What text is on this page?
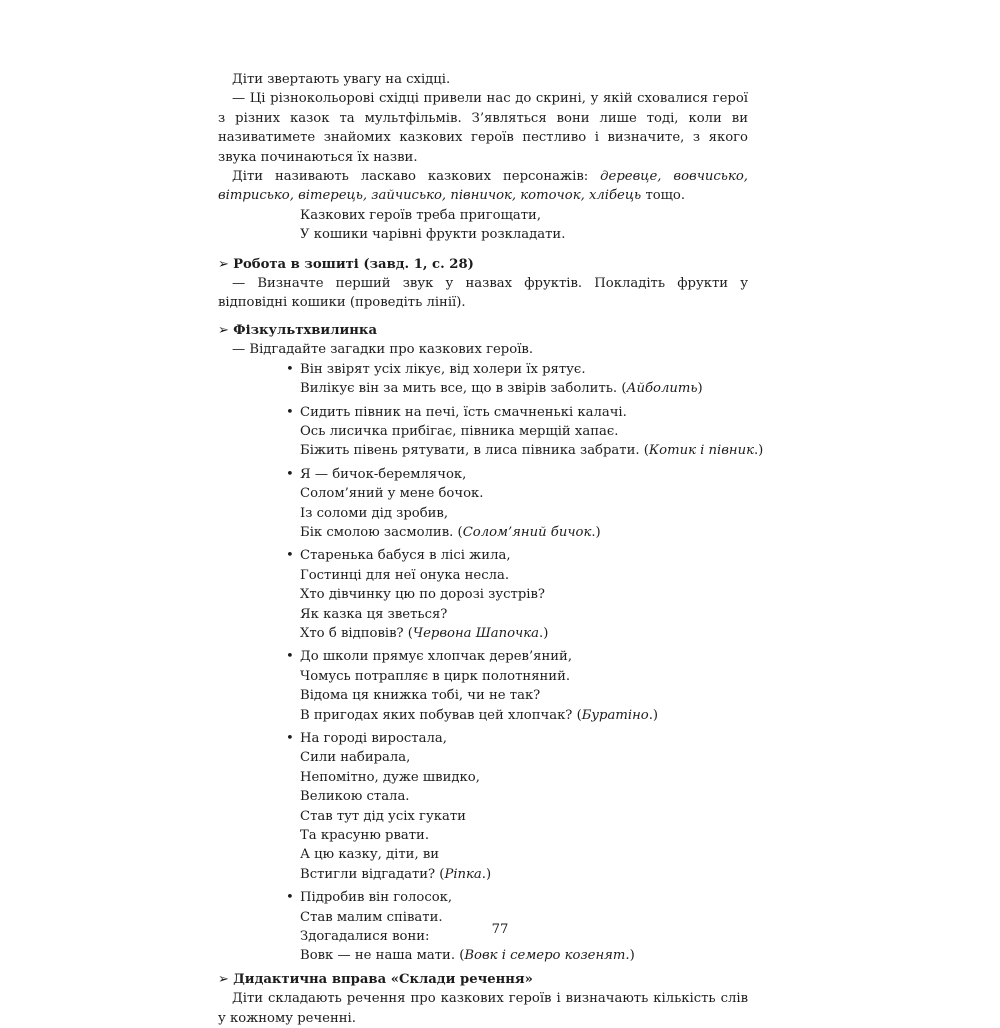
Діти звертають увагу на східці.

— Ці різнокольорові східці привели нас до скрині, у якій сховалися герої з різних казок та мультфільмів. З’являться вони лише тоді, коли ви називатимете знайомих казкових героїв пестливо і визначите, з якого звука починаються їх назви.

Діти називають ласкаво казкових персонажів: деревце, вовчисько, вітрисько, вітерець, зайчисько, півничок, коточок, хлібець тощо.

Казкових героїв треба пригощати,
У кошики чарівні фрукти розкладати.
➢ Робота в зошиті (завд. 1, с. 28)

— Визначте перший звук у назвах фруктів. Покладіть фрукти у відповідні кошики (проведіть лінії).

➢ Фізкультхвилинка

— Відгадайте загадки про казкових героїв.

• Він звірят усіх лікує, від холери їх рятує.
Вилікує він за мить все, що в звірів заболить. (Айболить)
• Сидить півник на печі, їсть смачненькі калачі.
Ось лисичка прибігає, півника мерщій хапає.
Біжить півень рятувати, в лиса півника забрати. (Котик і півник.)
• Я — бичок-беремлячок,
Солом’яний у мене бочок.
Із соломи дід зробив,
Бік смолою засмолив. (Солом’яний бичок.)
• Старенька бабуся в лісі жила,
Гостинці для неї онука несла.
Хто дівчинку цю по дорозі зустрів?
Як казка ця зветься?
Хто б відповів? (Червона Шапочка.)
• До школи прямує хлопчак дерев’яний,
Чомусь потрапляє в цирк полотняний.
Відома ця книжка тобі, чи не так?
В пригодах яких побував цей хлопчак? (Буратіно.)
• На городі виростала,
Сили набирала,
Непомітно, дуже швидко,
Великою стала.
Став тут дід усіх гукати
Та красуню рвати.
А цю казку, діти, ви
Встигли відгадати? (Ріпка.)
• Підробив він голосок,
Став малим співати.
Здогадалися вони:
Вовк — не наша мати. (Вовк і семеро козенят.)
➢ Дидактична вправа «Склади речення»

Діти складають речення про казкових героїв і визначають кількість слів у кожному реченні.

77
